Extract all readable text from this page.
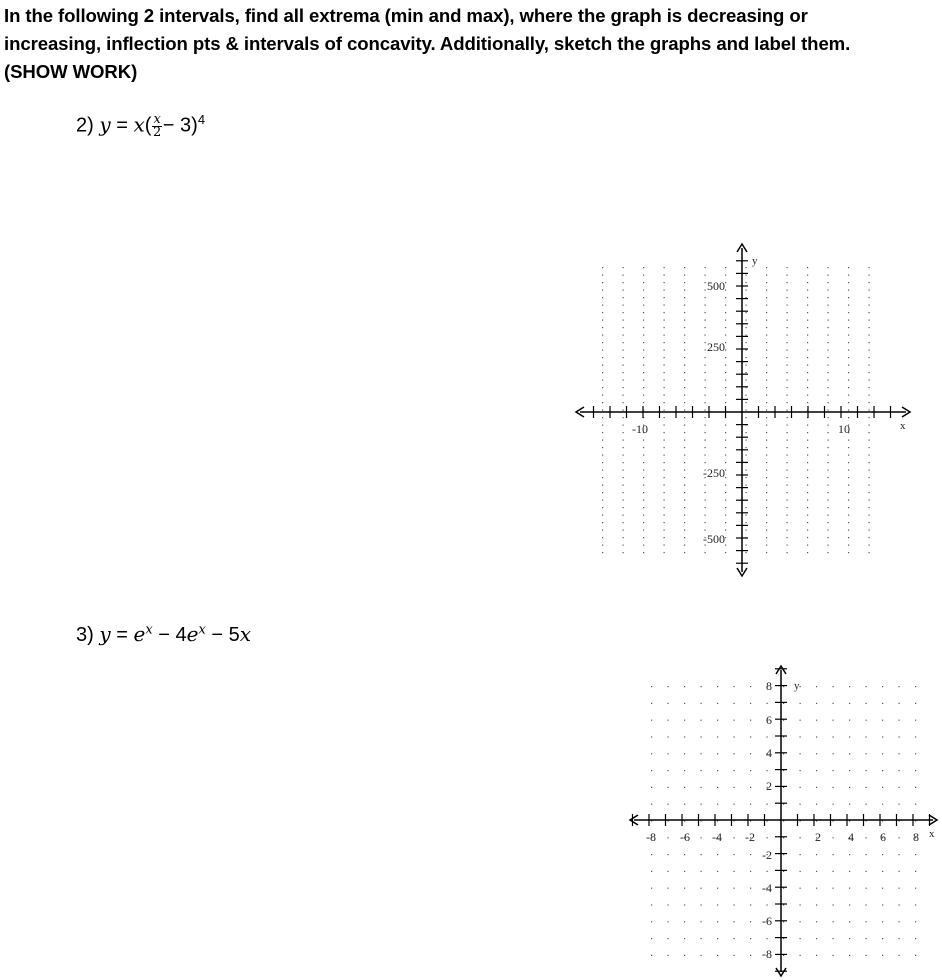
In the following 2 intervals, find all extrema (min and max), where the graph is decreasing or
increasing, inflection pts & intervals of concavity. Additionally, sketch the graphs and label them.
(SHOW WORK)
2) $y = x( \frac{x}{2} - 3)^4$
3) $y = e^x - 4e^x - 5x$
-10	10
500
250
-250
-500
x
y
-8 -6 -4 -2	2 4 6 8
8
6
4
2
-2
-4
-6
-8
x
y
